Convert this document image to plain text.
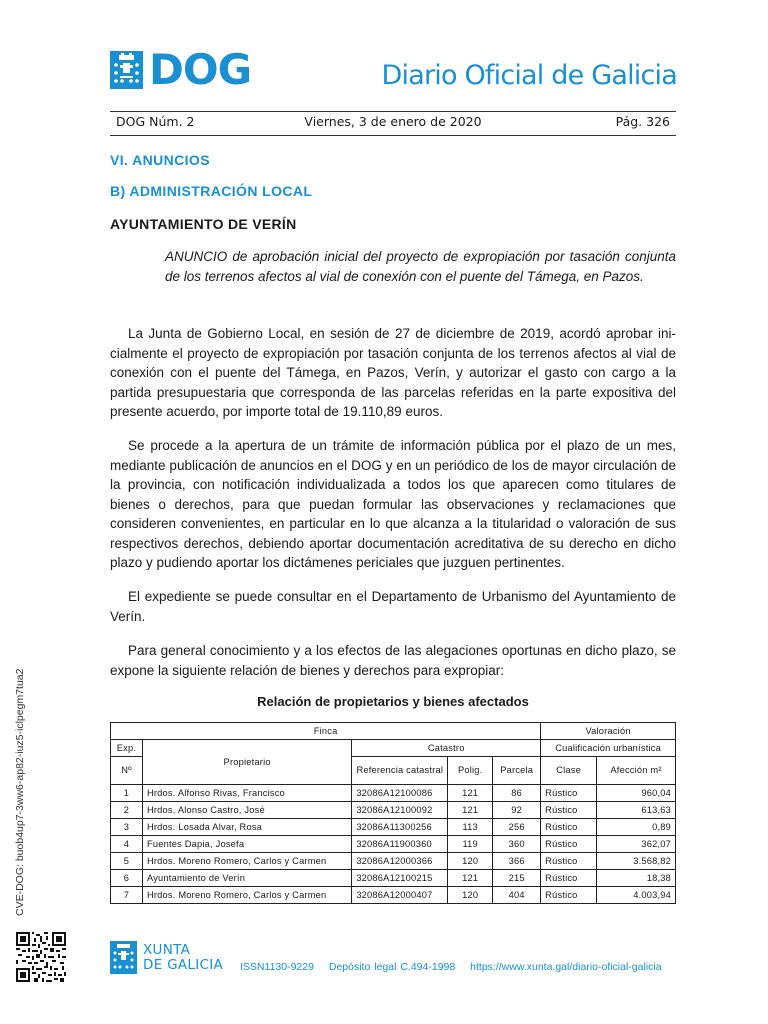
DOG	Diario Oficial de Galicia
DOG Núm. 2	Viernes, 3 de enero de 2020	Pág. 326
VI. ANUNCIOS
B) ADMINISTRACIÓN LOCAL
AYUNTAMIENTO DE VERÍN
ANUNCIO de aprobación inicial del proyecto de expropiación por tasación conjunta de los terrenos afectos al vial de conexión con el puente del Támega, en Pazos.
La Junta de Gobierno Local, en sesión de 27 de diciembre de 2019, acordó aprobar inicialmente el proyecto de expropiación por tasación conjunta de los terrenos afectos al vial de conexión con el puente del Támega, en Pazos, Verín, y autorizar el gasto con cargo a la partida presupuestaria que corresponda de las parcelas referidas en la parte expositiva del presente acuerdo, por importe total de 19.110,89 euros.
Se procede a la apertura de un trámite de información pública por el plazo de un mes, mediante publicación de anuncios en el DOG y en un periódico de los de mayor circulación de la provincia, con notificación individualizada a todos los que aparecen como titulares de bienes o derechos, para que puedan formular las observaciones y reclamaciones que consideren convenientes, en particular en lo que alcanza a la titularidad o valoración de sus respectivos derechos, debiendo aportar documentación acreditativa de su derecho en dicho plazo y pudiendo aportar los dictámenes periciales que juzguen pertinentes.
El expediente se puede consultar en el Departamento de Urbanismo del Ayuntamiento de Verín.
Para general conocimiento y a los efectos de las alegaciones oportunas en dicho plazo, se expone la siguiente relación de bienes y derechos para expropiar:
Relación de propietarios y bienes afectados
Finca					Valoración	
Exp.	Propietario	Catastro			Cualificación urbanística	
Nº		Referencia catastral	Polig.	Parcela	Clase	Afección m²
1	Hrdos. Alfonso Rivas, Francisco	32086A12100086	121	86	Rústico	960,04
2	Hrdos. Alonso Castro, José	32086A12100092	121	92	Rústico	613,63
3	Hrdos. Losada Alvar, Rosa	32086A11300256	113	256	Rústico	0,89
4	Fuentes Dapia, Josefa	32086A11900360	119	360	Rústico	362,07
5	Hrdos. Moreno Romero, Carlos y Carmen	32086A12000366	120	366	Rústico	3.568,82
6	Ayuntamiento de Verín	32086A12100215	121	215	Rústico	18,38
7	Hrdos. Moreno Romero, Carlos y Carmen	32086A12000407	120	404	Rústico	4.003,94
CVE-DOG: buob4up7-3ww6-ap82-iuz5-iclpegm7tua2
XUNTA
DE GALICIA ISSN1130-9229 Depósito legal C.494-1998 https://www.xunta.gal/diario-oficial-galicia
